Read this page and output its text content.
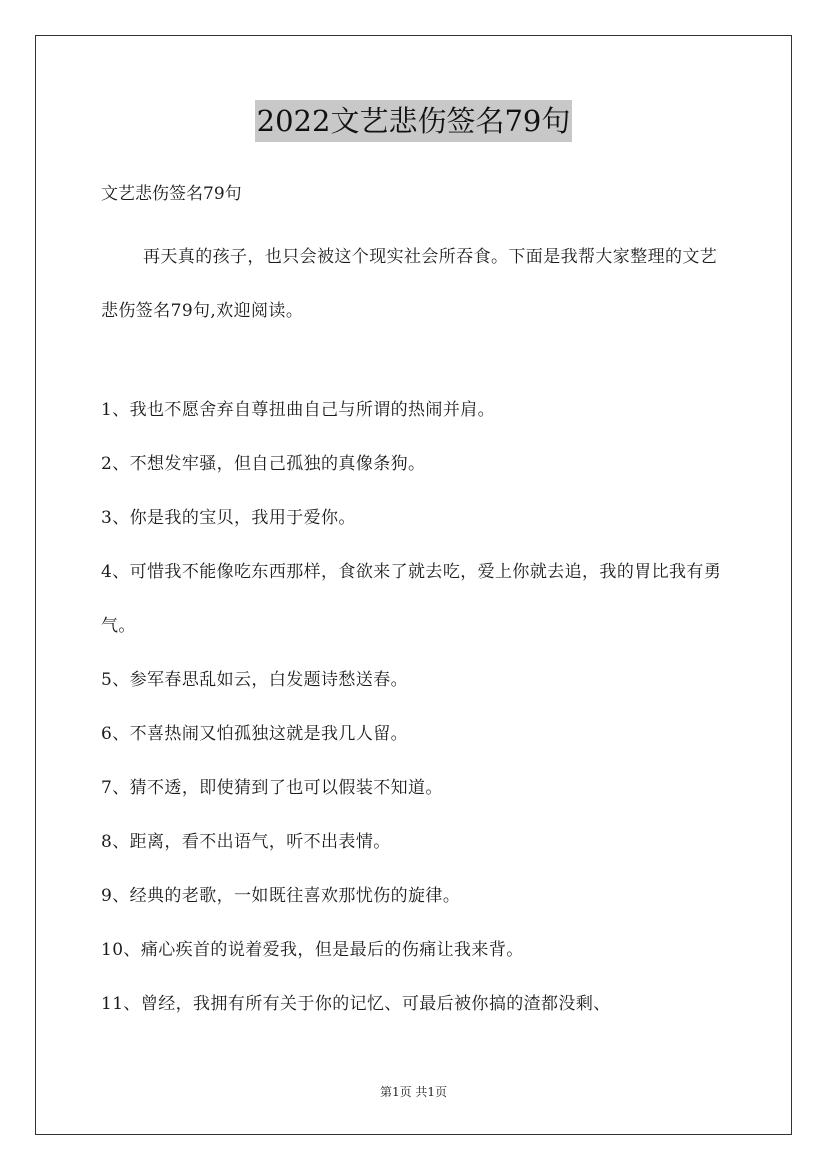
2022文艺悲伤签名79句
文艺悲伤签名79句

再天真的孩子，也只会被这个现实社会所吞食。下面是我帮大家整理的文艺悲伤签名79句,欢迎阅读。

1、我也不愿舍弃自尊扭曲自己与所谓的热闹并肩。
2、不想发牢骚，但自己孤独的真像条狗。
3、你是我的宝贝，我用于爱你。
4、可惜我不能像吃东西那样，食欲来了就去吃，爱上你就去追，我的胃比我有勇气。
5、参军春思乱如云，白发题诗愁送春。
6、不喜热闹又怕孤独这就是我几人留。
7、猜不透，即使猜到了也可以假装不知道。
8、距离，看不出语气，听不出表情。
9、经典的老歌，一如既往喜欢那忧伤的旋律。
10、痛心疾首的说着爱我，但是最后的伤痛让我来背。
11、曾经，我拥有所有关于你的记忆、可最后被你搞的渣都没剩、
第1页 共1页
